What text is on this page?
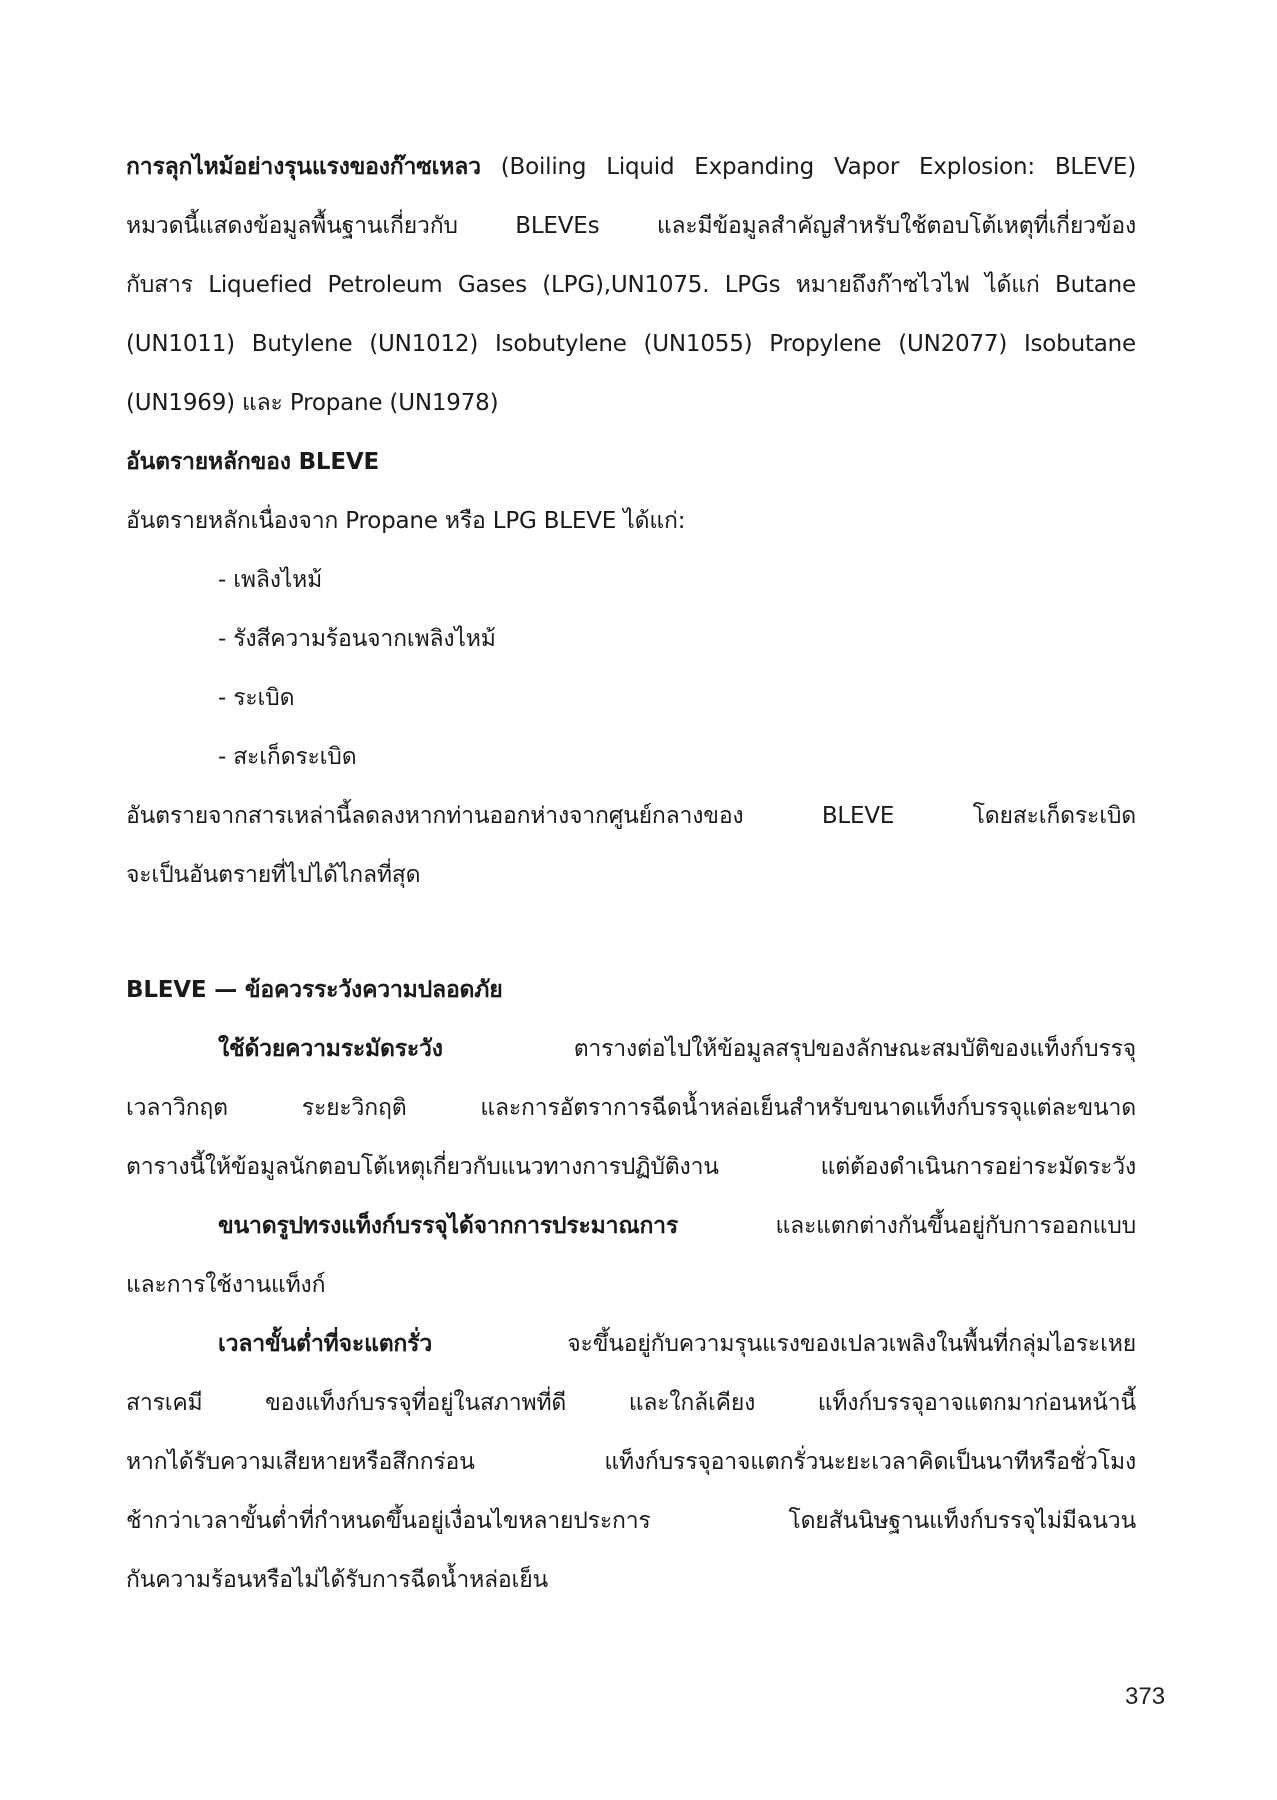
การลุกไหม้อย่างรุนแรงของก๊าซเหลว (Boiling Liquid Expanding Vapor Explosion: BLEVE)
หมวดนี้แสดงข้อมูลพื้นฐานเกี่ยวกับ BLEVEs และมีข้อมูลสำคัญสำหรับใช้ตอบโต้เหตุที่เกี่ยวข้อง
กับสาร Liquefied Petroleum Gases (LPG),UN1075. LPGs หมายถึงก๊าซไวไฟ ได้แก่ Butane
(UN1011) Butylene (UN1012) Isobutylene (UN1055) Propylene (UN2077) Isobutane
(UN1969) และ Propane (UN1978)
อันตรายหลักของ BLEVE
อันตรายหลักเนื่องจาก Propane หรือ LPG BLEVE ได้แก่:
- เพลิงไหม้
- รังสีความร้อนจากเพลิงไหม้
- ระเบิด
- สะเก็ดระเบิด
อันตรายจากสารเหล่านี้ลดลงหากท่านออกห่างจากศูนย์กลางของ BLEVE โดยสะเก็ดระเบิด
จะเป็นอันตรายที่ไปได้ไกลที่สุด
BLEVE — ข้อควรระวังความปลอดภัย
ใช้ด้วยความระมัดระวัง ตารางต่อไปให้ข้อมูลสรุปของลักษณะสมบัติของแท็งก์บรรจุ
เวลาวิกฤต ระยะวิกฤติ และการอัตราการฉีดน้ำหล่อเย็นสำหรับขนาดแท็งก์บรรจุแต่ละขนาด
ตารางนี้ให้ข้อมูลนักตอบโต้เหตุเกี่ยวกับแนวทางการปฏิบัติงาน แต่ต้องดำเนินการอย่าระมัดระวัง
ขนาดรูปทรงแท็งก์บรรจุได้จากการประมาณการ และแตกต่างกันขึ้นอยู่กับการออกแบบ
และการใช้งานแท็งก์
เวลาขั้นต่ำที่จะแตกรั่ว จะขึ้นอยู่กับความรุนแรงของเปลวเพลิงในพื้นที่กลุ่มไอระเหย
สารเคมี ของแท็งก์บรรจุที่อยู่ในสภาพที่ดี และใกล้เคียง แท็งก์บรรจุอาจแตกมาก่อนหน้านี้
หากได้รับความเสียหายหรือสึกกร่อน แท็งก์บรรจุอาจแตกรั่วนะยะเวลาคิดเป็นนาทีหรือชั่วโมง
ช้ากว่าเวลาขั้นต่ำที่กำหนดขึ้นอยู่เงื่อนไขหลายประการ โดยสันนิษฐานแท็งก์บรรจุไม่มีฉนวน
กันความร้อนหรือไม่ได้รับการฉีดน้ำหล่อเย็น
373
